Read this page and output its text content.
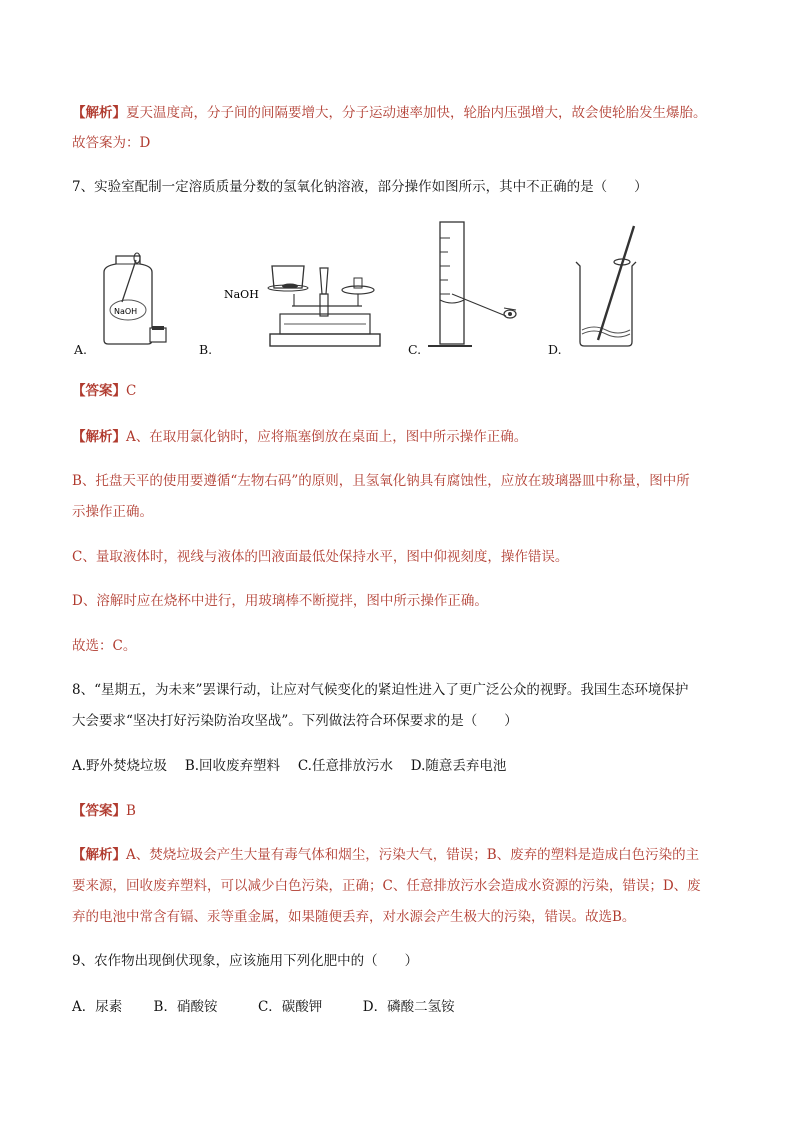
【解析】夏天温度高，分子间的间隔要增大，分子运动速率加快，轮胎内压强增大，故会使轮胎发生爆胎。
故答案为：D
7、实验室配制一定溶质质量分数的氢氧化钠溶液，部分操作如图所示，其中不正确的是（　　）
NaOH
A.
NaOH
B.	C.	D.
【答案】C
【解析】A、在取用氯化钠时，应将瓶塞倒放在桌面上，图中所示操作正确。
B、托盘天平的使用要遵循“左物右码”的原则，且氢氧化钠具有腐蚀性，应放在玻璃器皿中称量，图中所
示操作正确。
C、量取液体时，视线与液体的凹液面最低处保持水平，图中仰视刻度，操作错误。
D、溶解时应在烧杯中进行，用玻璃棒不断搅拌，图中所示操作正确。
故选：C。
8、“星期五，为未来”罢课行动，让应对气候变化的紧迫性进入了更广泛公众的视野。我国生态环境保护
大会要求“坚决打好污染防治攻坚战”。下列做法符合环保要求的是（　　）
A.野外焚烧垃圾　 B.回收废弃塑料　 C.任意排放污水　 D.随意丢弃电池
【答案】B
【解析】A、焚烧垃圾会产生大量有毒气体和烟尘，污染大气，错误；B、废弃的塑料是造成白色污染的主
要来源，回收废弃塑料，可以减少白色污染，正确；C、任意排放污水会造成水资源的污染，错误；D、废
弃的电池中常含有镉、汞等重金属，如果随便丢弃，对水源会产生极大的污染，错误。故选B。
9、农作物出现倒伏现象，应该施用下列化肥中的（　　）
A．尿素　　 B．硝酸铵　　　C．碳酸钾　　　D．磷酸二氢铵
